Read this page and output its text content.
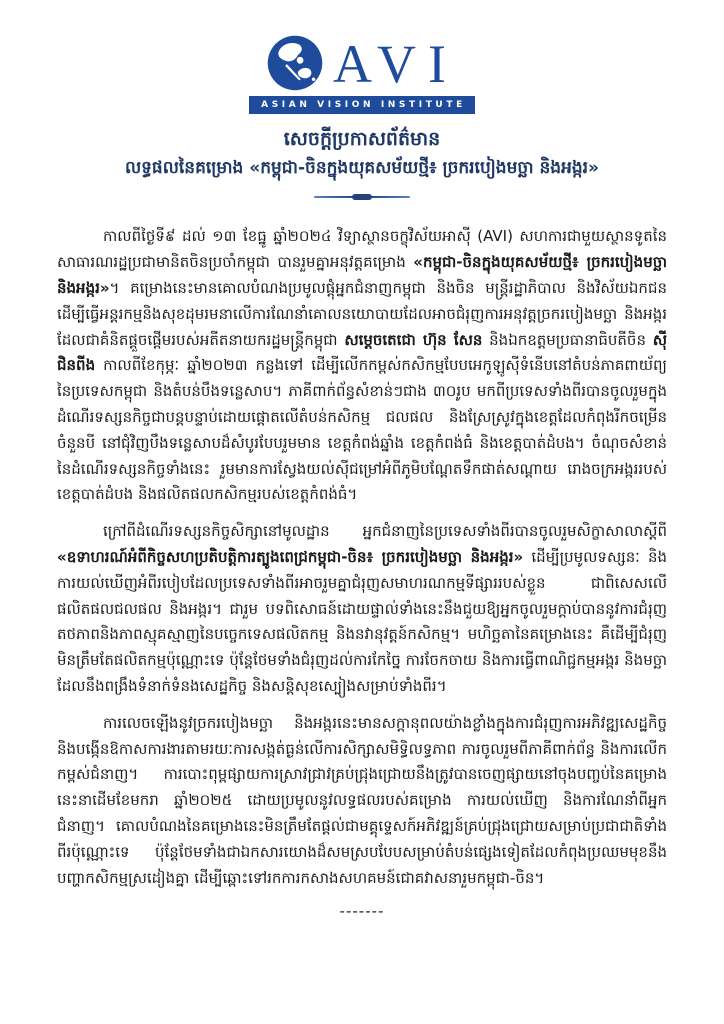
AVI
ASIAN VISION INSTITUTE
សេចក្តីប្រកាសព័ត៌មាន
លទ្ធផលនៃគម្រោង «កម្ពុជា-ចិនក្នុងយុគសម័យថ្មី៖ ច្រករបៀងមច្ឆា និងអង្ករ»

កាលពីថ្ងៃទី៩ ដល់ ១៣ ខែធ្នូ ឆ្នាំ២០២៤ វិទ្យាស្ថានចក្ខុវិស័យអាស៊ី (AVI) សហការជាមួយស្ថានទូតនៃសាធារណរដ្ឋប្រជាមានិតចិនប្រចាំកម្ពុជា បានរួមគ្នាអនុវត្តគម្រោង «កម្ពុជា-ចិនក្នុងយុគសម័យថ្មី៖ ច្រករបៀងមច្ឆា និងអង្ករ»។ គម្រោងនេះមានគោលបំណងប្រមូលផ្តុំអ្នកជំនាញកម្ពុជា និងចិន មន្ត្រីរដ្ឋាភិបាល និងវិស័យឯកជនដើម្បីធ្វើអន្តរកម្មនិងសុខដុមរមនាលើការណែនាំគោលនយោបាយដែលអាចជំរុញការអនុវត្តច្រករបៀងមច្ឆា និងអង្ករ ដែលជាគំនិតផ្តួចផ្តើមរបស់អតីតនាយករដ្ឋមន្ត្រីកម្ពុជា សម្តេចតេជោ ហ៊ុន សែន និងឯកឧត្តមប្រធានាធិបតីចិន ស៊ី ជិនពីង កាលពីខែកុម្ភៈ ឆ្នាំ២០២៣ កន្លងទៅ ដើម្បីលើកកម្ពស់កសិកម្មបែបអេកូឡូស៊ីទំនើបនៅតំបន់ភាគពាយ័ព្យនៃប្រទេសកម្ពុជា និងតំបន់បឹងទន្លេសាប។ ភាគីពាក់ព័ន្ធសំខាន់ៗជាង ៣០រូប មកពីប្រទេសទាំងពីរបានចូលរួមក្នុងដំណើរទស្សនកិច្ចជាបន្តបន្ទាប់ដោយផ្តោតលើតំបន់កសិកម្ម ជលផល និងស្រែស្រូវក្នុងខេត្តដែលកំពុងរីកចម្រើនចំនួនបី នៅជុំវិញបឹងទន្លេសាបដ៏សំបូរបែបរួមមាន ខេត្តកំពង់ឆ្នាំង ខេត្តកំពង់ធំ និងខេត្តបាត់ដំបង។ ចំណុចសំខាន់នៃដំណើរទស្សនកិច្ចទាំងនេះ រួមមានការស្វែងយល់ស៊ីជម្រៅអំពីភូមិបណ្តែតទឹកផាត់សណ្តាយ រោងចក្រអង្កររបស់ខេត្តបាត់ដំបង និងផលិតផលកសិកម្មរបស់ខេត្តកំពង់ធំ។

ក្រៅពីដំណើរទស្សនកិច្ចសិក្សានៅមូលដ្ឋាន អ្នកជំនាញនៃប្រទេសទាំងពីរបានចូលរួមសិក្ខាសាលាស្តីពី «ឧទាហរណ៍អំពីកិច្ចសហប្រតិបត្តិការត្បូងពេជ្រកម្ពុជា-ចិន៖ ច្រករបៀងមច្ឆា និងអង្ករ» ដើម្បីប្រមូលទស្សនៈ និងការយល់ឃើញអំពីរបៀបដែលប្រទេសទាំងពីរអាចរួមគ្នាជំរុញសមាហរណកម្មទីផ្សាររបស់ខ្លួន ជាពិសេសលើផលិតផលជលផល និងអង្ករ។ ជារួម បទពិសោធន៍ដោយផ្ទាល់ទាំងនេះនឹងជួយឱ្យអ្នកចូលរួមក្តាប់បាននូវការជំរុញតថភាពនិងភាពស្មុគស្មាញនៃបច្ចេកទេសផលិតកម្ម និងនវានុវត្តន៍កសិកម្ម។ មហិច្ឆតានៃគម្រោងនេះ គឺដើម្បីជំរុញមិនត្រឹមតែផលិតកម្មប៉ុណ្ណោះទេ ប៉ុន្តែថែមទាំងជំរុញដល់ការកែច្នៃ ការចែកចាយ និងការធ្វើពាណិជ្ជកម្មអង្ករ និងមច្ឆា ដែលនឹងពង្រឹងទំនាក់ទំនងសេដ្ឋកិច្ច និងសន្តិសុខស្បៀងសម្រាប់ទាំងពីរ។

ការលេចឡើងនូវច្រករបៀងមច្ឆា និងអង្ករនេះមានសក្តានុពលយ៉ាងខ្លាំងក្នុងការជំរុញការអភិវឌ្ឍសេដ្ឋកិច្ច និងបង្កើនឱកាសការងារតាមរយៈការសង្កត់ធ្ងន់លើការសិក្សាសមិទ្ធិលទ្ធភាព ការចូលរួមពីភាគីពាក់ព័ន្ធ និងការលើកកម្ពស់ជំនាញ។ ការបោះពុម្ពផ្សាយការស្រាវជ្រាវគ្រប់ជ្រុងជ្រោយនឹងត្រូវបានចេញផ្សាយនៅចុងបញ្ចប់នៃគម្រោងនេះនាដើមខែមករា ឆ្នាំ២០២៥ ដោយប្រមូលនូវលទ្ធផលរបស់គម្រោង ការយល់ឃើញ និងការណែនាំពីអ្នកជំនាញ។ គោលបំណងនៃគម្រោងនេះមិនត្រឹមតែផ្តល់ជាមគ្គុទ្ទេសក៍អភិវឌ្ឍន៍គ្រប់ជ្រុងជ្រោយសម្រាប់ប្រជាជាតិទាំងពីរប៉ុណ្ណោះទេ ប៉ុន្តែថែមទាំងជាឯកសារយោងដ៏សមស្របបែបសម្រាប់តំបន់ផ្សេងទៀតដែលកំពុងប្រឈមមុខនឹងបញ្ហាកសិកម្មស្រដៀងគ្នា ដើម្បីឆ្ពោះទៅរកការកសាងសហគមន៍ជោគវាសនារួមកម្ពុជា-ចិន។

-------
